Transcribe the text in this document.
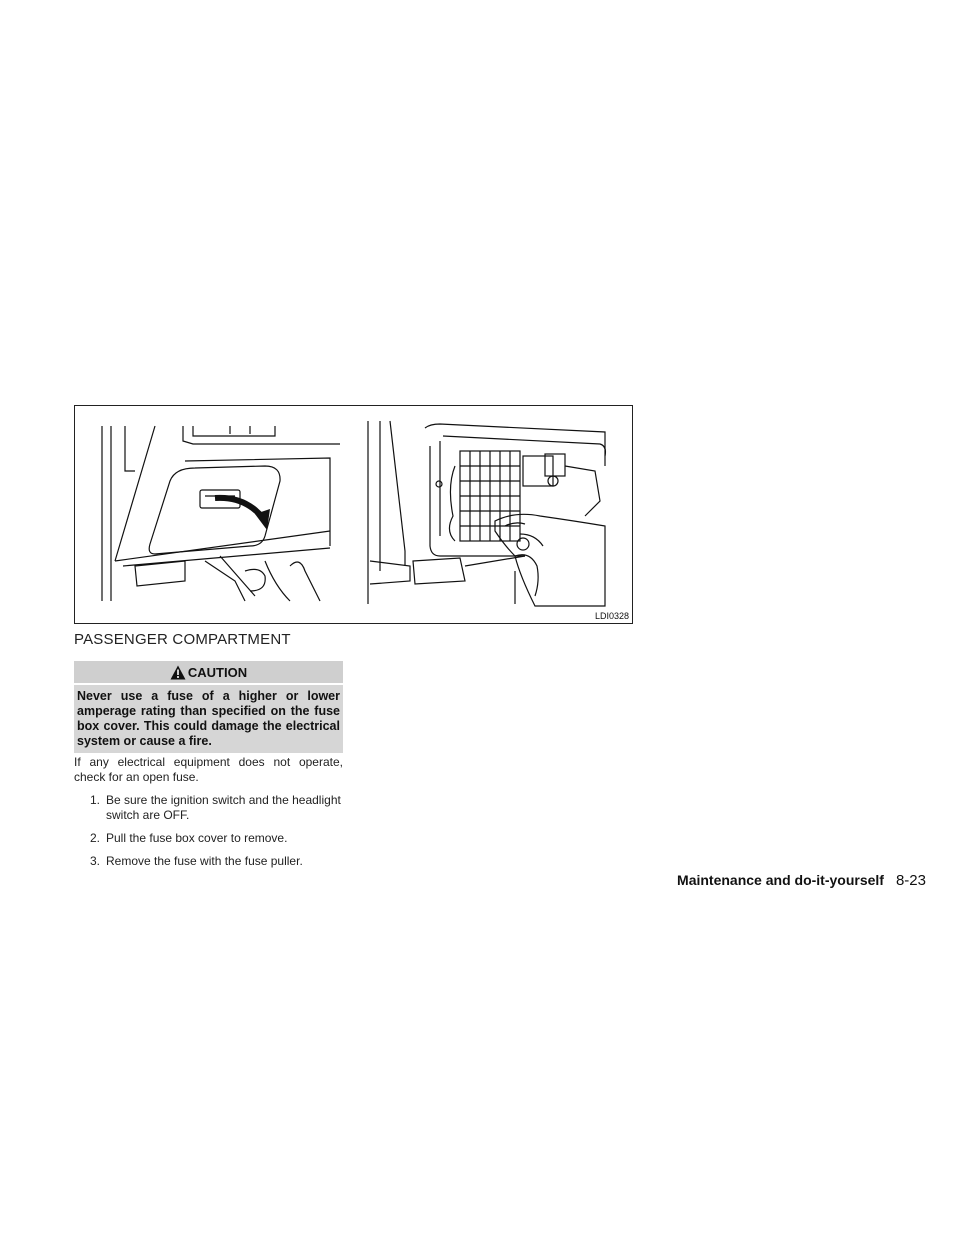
LDI0328
PASSENGER COMPARTMENT
CAUTION
Never use a fuse of a higher or lower amperage rating than specified on the fuse box cover. This could damage the electrical system or cause a fire.
If any electrical equipment does not operate, check for an open fuse.
1. Be sure the ignition switch and the headlight switch are OFF.
2. Pull the fuse box cover to remove.
3. Remove the fuse with the fuse puller.
Maintenance and do-it-yourself 8-23
